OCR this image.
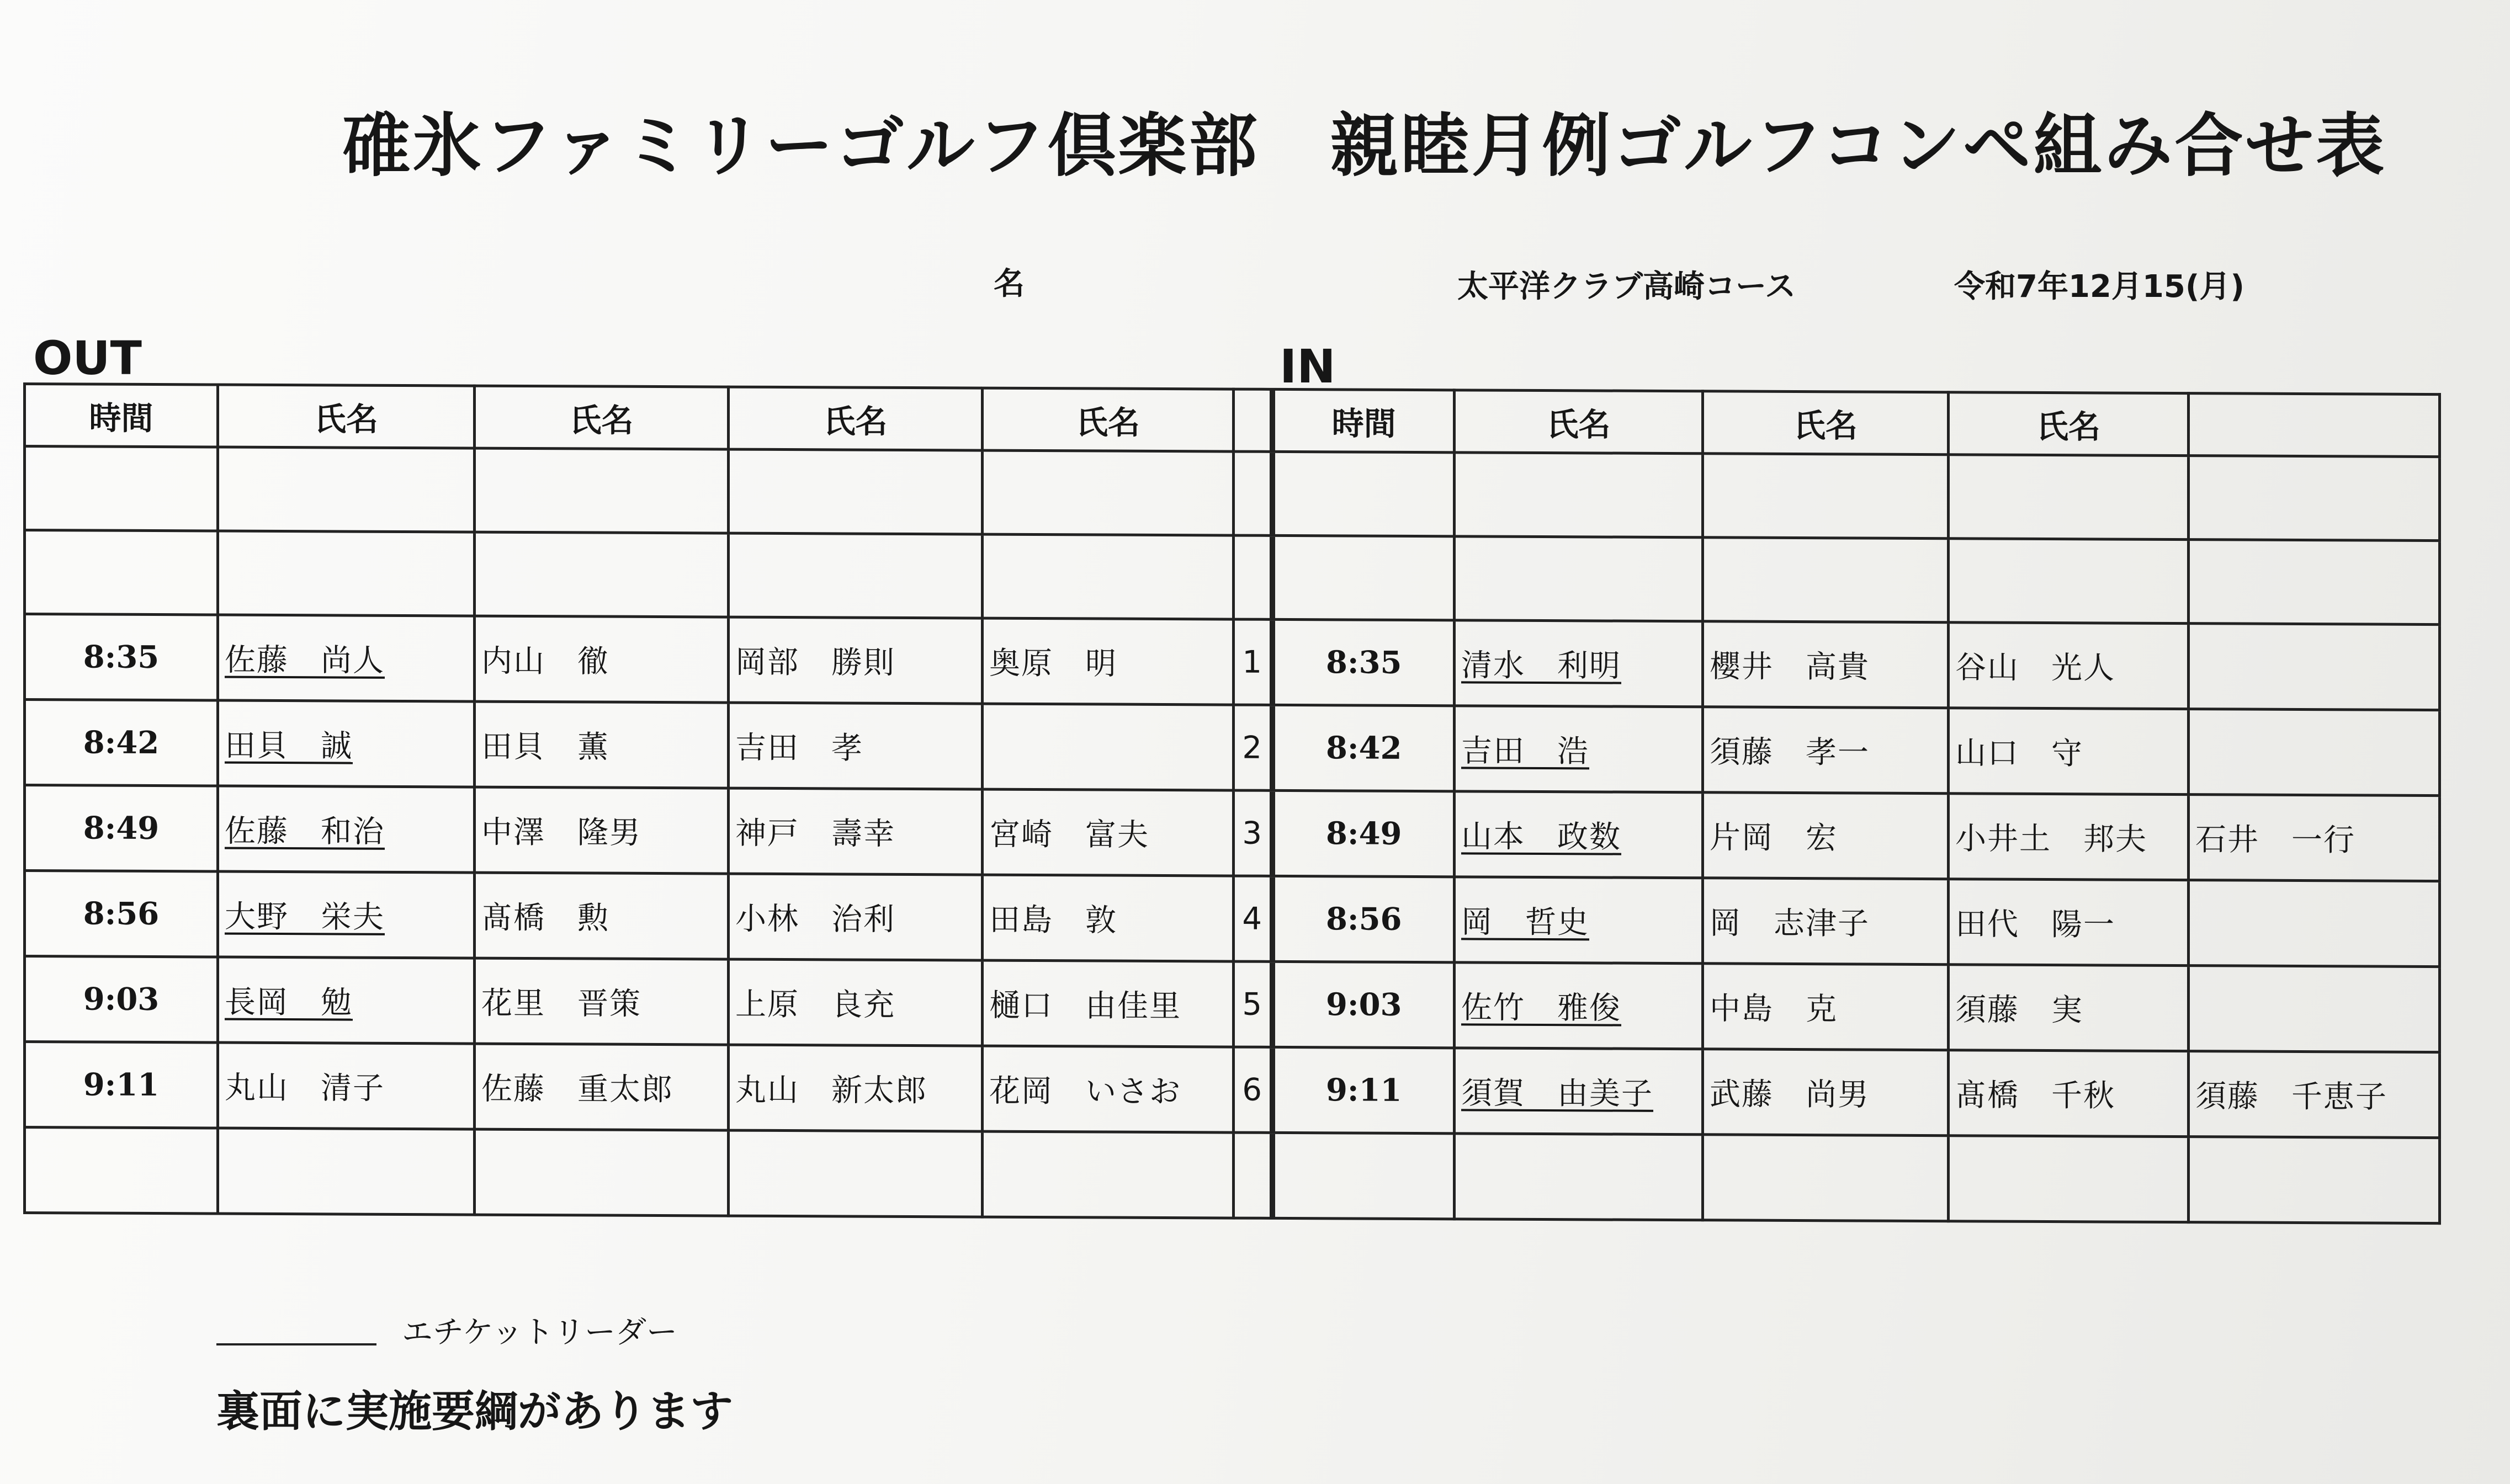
碓氷ファミリーゴルフ倶楽部　親睦月例ゴルフコンペ組み合せ表
名	太平洋クラブ高崎コース	令和7年12月15(月)
OUT	IN
時間	氏名	氏名	氏名	氏名		時間	氏名	氏名	氏名	

8:35	佐藤　尚人	内山　徹	岡部　勝則	奥原　明	1	8:35	清水　利明	櫻井　高貴	谷山　光人	
8:42	田貝　誠	田貝　薫	吉田　孝		2	8:42	吉田　浩	須藤　孝一	山口　守	
8:49	佐藤　和治	中澤　隆男	神戸　壽幸	宮崎　富夫	3	8:49	山本　政数	片岡　宏	小井土　邦夫	石井　一行
8:56	大野　栄夫	髙橋　勲	小林　治利	田島　敦	4	8:56	岡　哲史	岡　志津子	田代　陽一	
9:03	長岡　勉	花里　晋策	上原　良充	樋口　由佳里	5	9:03	佐竹　雅俊	中島　克	須藤　実	
9:11	丸山　清子	佐藤　重太郎	丸山　新太郎	花岡　いさお	6	9:11	須賀　由美子	武藤　尚男	髙橋　千秋	須藤　千恵子

エチケットリーダー
裏面に実施要綱があります
